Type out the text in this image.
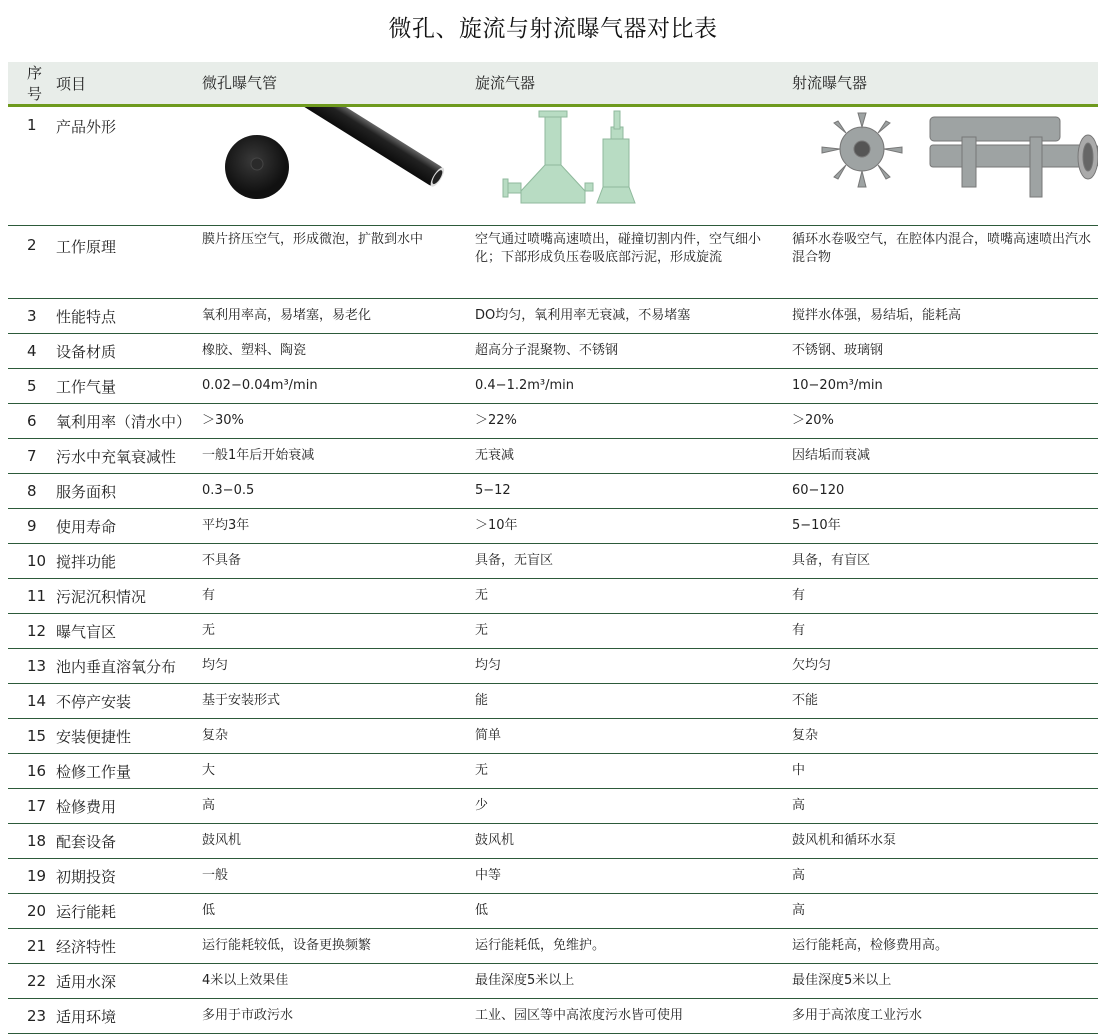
微孔、旋流与射流曝气器对比表
序号	项目	微孔曝气管	旋流气器	射流曝气器
1	产品外形	

2	工作原理	膜片挤压空气，形成微泡，扩散到水中	空气通过喷嘴高速喷出，碰撞切割内件，空气细小化；下部形成负压卷吸底部污泥，形成旋流	循环水卷吸空气，在腔体内混合，喷嘴高速喷出汽水混合物
3	性能特点	氧利用率高，易堵塞，易老化	DO均匀，氧利用率无衰减，不易堵塞	搅拌水体强，易结垢，能耗高
4	设备材质	橡胶、塑料、陶瓷	超高分子混聚物、不锈钢	不锈钢、玻璃钢
5	工作气量	0.02−0.04m³/min	0.4−1.2m³/min	10−20m³/min
6	氧利用率（清水中）	＞30%	＞22%	＞20%
7	污水中充氧衰减性	一般1年后开始衰减	无衰减	因结垢而衰减
8	服务面积	0.3−0.5	5−12	60−120
9	使用寿命	平均3年	＞10年	5−10年
10	搅拌功能	不具备	具备，无盲区	具备，有盲区
11	污泥沉积情况	有	无	有
12	曝气盲区	无	无	有
13	池内垂直溶氧分布	均匀	均匀	欠均匀
14	不停产安装	基于安装形式	能	不能
15	安装便捷性	复杂	简单	复杂
16	检修工作量	大	无	中
17	检修费用	高	少	高
18	配套设备	鼓风机	鼓风机	鼓风机和循环水泵
19	初期投资	一般	中等	高
20	运行能耗	低	低	高
21	经济特性	运行能耗较低，设备更换频繁	运行能耗低，免维护。	运行能耗高，检修费用高。
22	适用水深	4米以上效果佳	最佳深度5米以上	最佳深度5米以上
23	适用环境	多用于市政污水	工业、园区等中高浓度污水皆可使用	多用于高浓度工业污水
